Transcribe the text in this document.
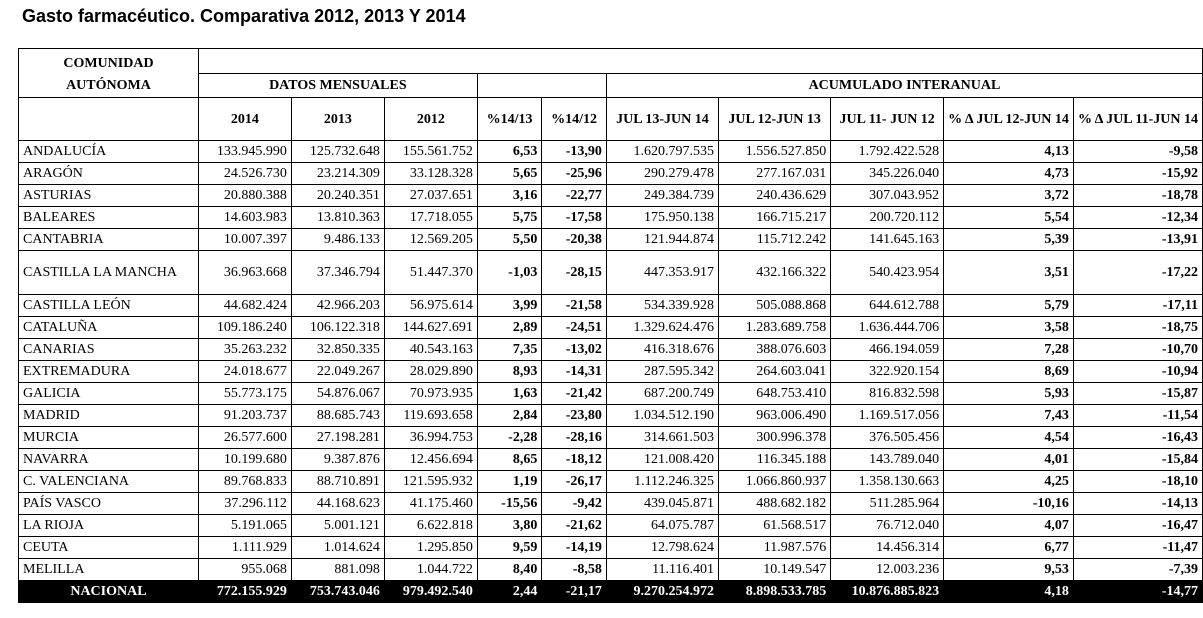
Gasto farmacéutico. Comparativa 2012, 2013 Y 2014
COMUNIDAD AUTÓNOMA										
	DATOS MENSUALES					ACUMULADO INTERANUAL				
	2014	2013	2012	%14/13	%14/12	JUL 13-JUN 14	JUL 12-JUN 13	JUL 11- JUN 12	% Δ JUL 12-JUN 14	% Δ JUL 11-JUN 14
ANDALUCÍA	133.945.990	125.732.648	155.561.752	6,53	-13,90	1.620.797.535	1.556.527.850	1.792.422.528	4,13	-9,58
ARAGÓN	24.526.730	23.214.309	33.128.328	5,65	-25,96	290.279.478	277.167.031	345.226.040	4,73	-15,92
ASTURIAS	20.880.388	20.240.351	27.037.651	3,16	-22,77	249.384.739	240.436.629	307.043.952	3,72	-18,78
BALEARES	14.603.983	13.810.363	17.718.055	5,75	-17,58	175.950.138	166.715.217	200.720.112	5,54	-12,34
CANTABRIA	10.007.397	9.486.133	12.569.205	5,50	-20,38	121.944.874	115.712.242	141.645.163	5,39	-13,91
CASTILLA LA MANCHA	36.963.668	37.346.794	51.447.370	-1,03	-28,15	447.353.917	432.166.322	540.423.954	3,51	-17,22
CASTILLA LEÓN	44.682.424	42.966.203	56.975.614	3,99	-21,58	534.339.928	505.088.868	644.612.788	5,79	-17,11
CATALUÑA	109.186.240	106.122.318	144.627.691	2,89	-24,51	1.329.624.476	1.283.689.758	1.636.444.706	3,58	-18,75
CANARIAS	35.263.232	32.850.335	40.543.163	7,35	-13,02	416.318.676	388.076.603	466.194.059	7,28	-10,70
EXTREMADURA	24.018.677	22.049.267	28.029.890	8,93	-14,31	287.595.342	264.603.041	322.920.154	8,69	-10,94
GALICIA	55.773.175	54.876.067	70.973.935	1,63	-21,42	687.200.749	648.753.410	816.832.598	5,93	-15,87
MADRID	91.203.737	88.685.743	119.693.658	2,84	-23,80	1.034.512.190	963.006.490	1.169.517.056	7,43	-11,54
MURCIA	26.577.600	27.198.281	36.994.753	-2,28	-28,16	314.661.503	300.996.378	376.505.456	4,54	-16,43
NAVARRA	10.199.680	9.387.876	12.456.694	8,65	-18,12	121.008.420	116.345.188	143.789.040	4,01	-15,84
C. VALENCIANA	89.768.833	88.710.891	121.595.932	1,19	-26,17	1.112.246.325	1.066.860.937	1.358.130.663	4,25	-18,10
PAÍS VASCO	37.296.112	44.168.623	41.175.460	-15,56	-9,42	439.045.871	488.682.182	511.285.964	-10,16	-14,13
LA RIOJA	5.191.065	5.001.121	6.622.818	3,80	-21,62	64.075.787	61.568.517	76.712.040	4,07	-16,47
CEUTA	1.111.929	1.014.624	1.295.850	9,59	-14,19	12.798.624	11.987.576	14.456.314	6,77	-11,47
MELILLA	955.068	881.098	1.044.722	8,40	-8,58	11.116.401	10.149.547	12.003.236	9,53	-7,39
NACIONAL	772.155.929	753.743.046	979.492.540	2,44	-21,17	9.270.254.972	8.898.533.785	10.876.885.823	4,18	-14,77
